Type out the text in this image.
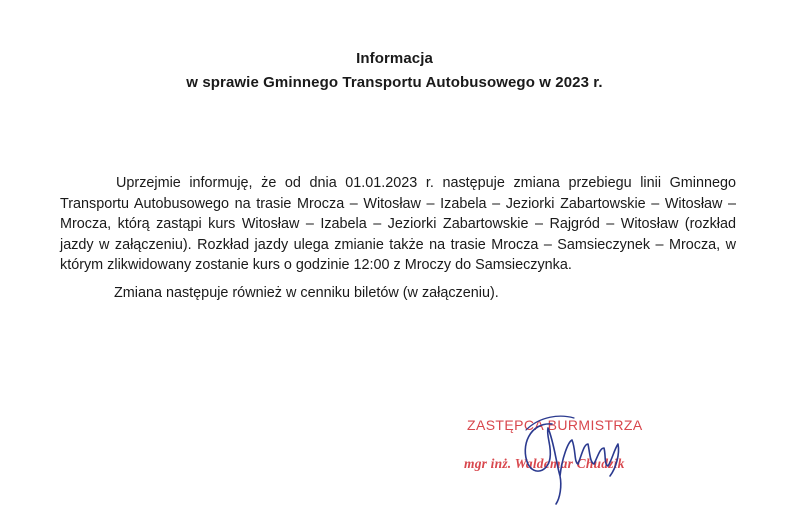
Informacja
w sprawie Gminnego Transportu Autobusowego w 2023 r.

Uprzejmie informuję, że od dnia 01.01.2023 r. następuje zmiana przebiegu linii Gminnego Transportu Autobusowego na trasie Mrocza – Witosław – Izabela – Jeziorki Zabartowskie – Witosław – Mrocza, którą zastąpi kurs Witosław – Izabela – Jeziorki Zabartowskie – Rajgród – Witosław (rozkład jazdy w załączeniu). Rozkład jazdy ulega zmianie także na trasie Mrocza – Samsieczynek – Mrocza, w którym zlikwidowany zostanie kurs o godzinie 12:00 z Mroczy do Samsieczynka.

Zmiana następuje również w cenniku biletów (w załączeniu).

ZASTĘPCA BURMISTRZA
mgr inż. Waldemar Chudzik
